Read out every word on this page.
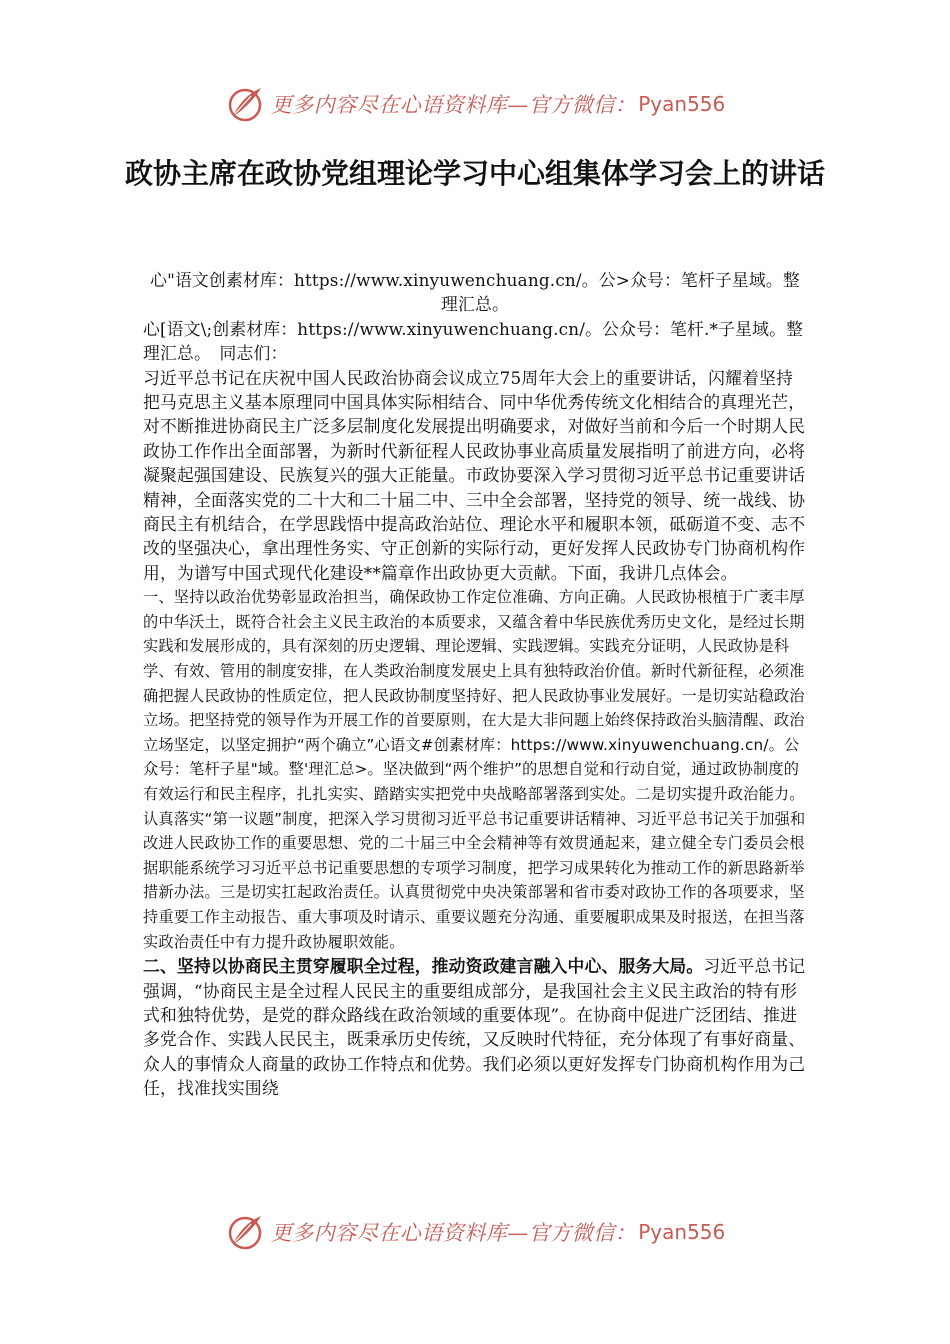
更多内容尽在心语资料库—官方微信： Pyan556
政协主席在政协党组理论学习中心组集体学习会上的讲话

心"语文创素材库：https://www.xinyuwenchuang.cn/。公>众号：笔杆子星域。整理汇总。

心[语文\;创素材库：https://www.xinyuwenchuang.cn/。公众号：笔杆.*子星域。整理汇总。　同志们：

习近平总书记在庆祝中国人民政治协商会议成立75周年大会上的重要讲话，闪耀着坚持把马克思主义基本原理同中国具体实际相结合、同中华优秀传统文化相结合的真理光芒，对不断推进协商民主广泛多层制度化发展提出明确要求，对做好当前和今后一个时期人民政协工作作出全面部署，为新时代新征程人民政协事业高质量发展指明了前进方向，必将凝聚起强国建设、民族复兴的强大正能量。市政协要深入学习贯彻习近平总书记重要讲话精神，全面落实党的二十大和二十届二中、三中全会部署，坚持党的领导、统一战线、协商民主有机结合，在学思践悟中提高政治站位、理论水平和履职本领，砥砺道不变、志不改的坚强决心，拿出理性务实、守正创新的实际行动，更好发挥人民政协专门协商机构作用，为谱写中国式现代化建设**篇章作出政协更大贡献。下面，我讲几点体会。

一、坚持以政治优势彰显政治担当，确保政协工作定位准确、方向正确。人民政协根植于广袤丰厚的中华沃土，既符合社会主义民主政治的本质要求，又蕴含着中华民族优秀历史文化，是经过长期实践和发展形成的，具有深刻的历史逻辑、理论逻辑、实践逻辑。实践充分证明，人民政协是科学、有效、管用的制度安排，在人类政治制度发展史上具有独特政治价值。新时代新征程，必须准确把握人民政协的性质定位，把人民政协制度坚持好、把人民政协事业发展好。一是切实站稳政治立场。把坚持党的领导作为开展工作的首要原则，在大是大非问题上始终保持政治头脑清醒、政治立场坚定，以坚定拥护“两个确立”心语文#创素材库：https://www.xinyuwenchuang.cn/。公众号：笔杆子星"域。整'理汇总>。坚决做到“两个维护”的思想自觉和行动自觉，通过政协制度的有效运行和民主程序，扎扎实实、踏踏实实把党中央战略部署落到实处。二是切实提升政治能力。认真落实“第一议题”制度，把深入学习贯彻习近平总书记重要讲话精神、习近平总书记关于加强和改进人民政协工作的重要思想、党的二十届三中全会精神等有效贯通起来，建立健全专门委员会根据职能系统学习习近平总书记重要思想的专项学习制度，把学习成果转化为推动工作的新思路新举措新办法。三是切实扛起政治责任。认真贯彻党中央决策部署和省市委对政协工作的各项要求，坚持重要工作主动报告、重大事项及时请示、重要议题充分沟通、重要履职成果及时报送，在担当落实政治责任中有力提升政协履职效能。

二、坚持以协商民主贯穿履职全过程，推动资政建言融入中心、服务大局。习近平总书记强调，“协商民主是全过程人民民主的重要组成部分，是我国社会主义民主政治的特有形式和独特优势，是党的群众路线在政治领域的重要体现”。在协商中促进广泛团结、推进多党合作、实践人民民主，既秉承历史传统，又反映时代特征，充分体现了有事好商量、众人的事情众人商量的政协工作特点和优势。我们必须以更好发挥专门协商机构作用为己任，找准找实围绕

更多内容尽在心语资料库—官方微信： Pyan556
